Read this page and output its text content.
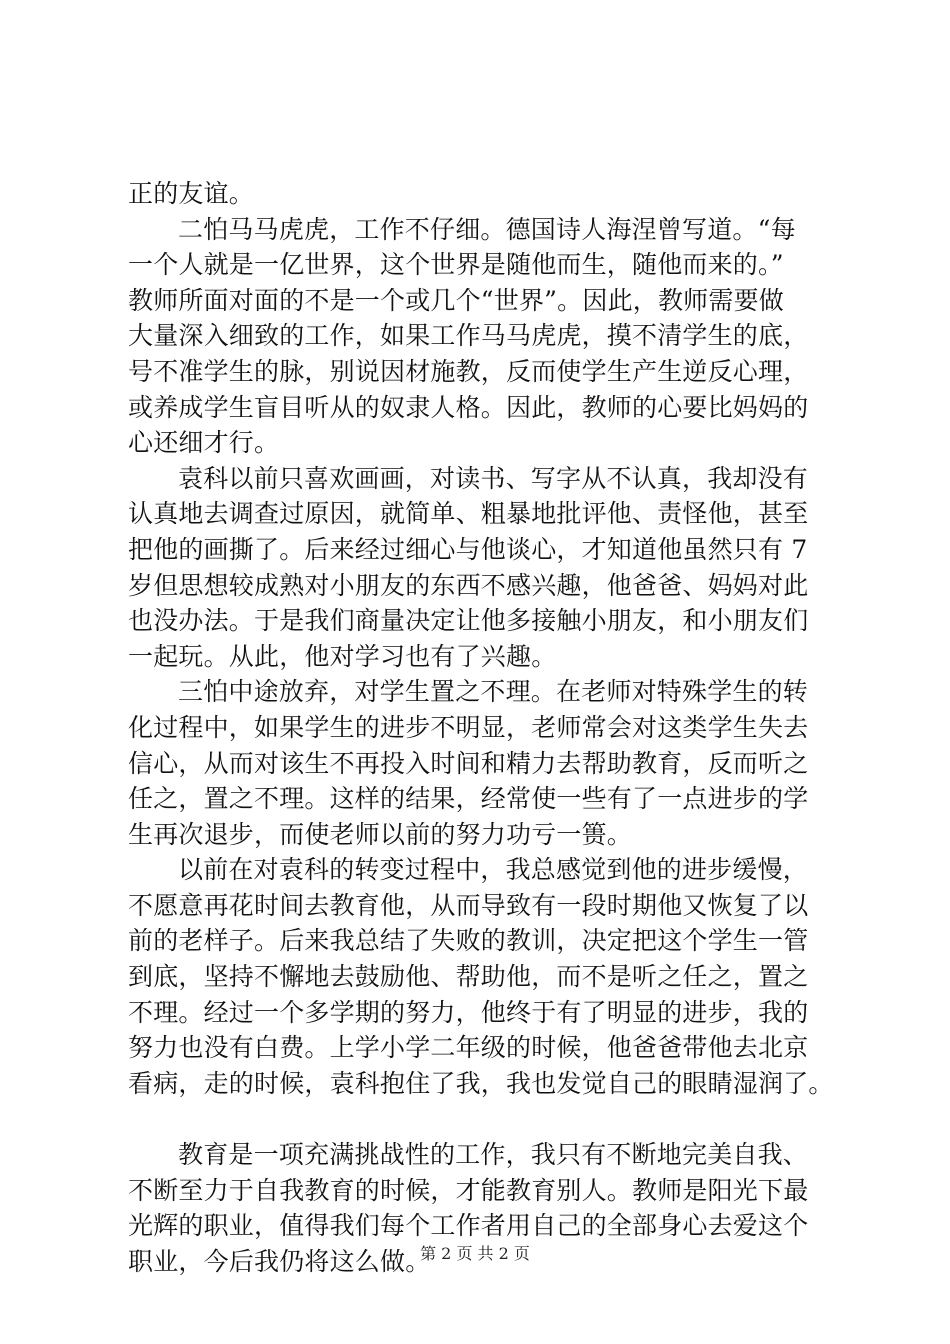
正的友谊。
二怕马马虎虎，工作不仔细。德国诗人海涅曾写道。“每
一个人就是一亿世界，这个世界是随他而生，随他而来的。”
教师所面对面的不是一个或几个“世界”。因此，教师需要做
大量深入细致的工作，如果工作马马虎虎，摸不清学生的底，
号不准学生的脉，别说因材施教，反而使学生产生逆反心理，
或养成学生盲目听从的奴隶人格。因此，教师的心要比妈妈的
心还细才行。
袁科以前只喜欢画画，对读书、写字从不认真，我却没有
认真地去调查过原因，就简单、粗暴地批评他、责怪他，甚至
把他的画撕了。后来经过细心与他谈心，才知道他虽然只有 7
岁但思想较成熟对小朋友的东西不感兴趣，他爸爸、妈妈对此
也没办法。于是我们商量决定让他多接触小朋友，和小朋友们
一起玩。从此，他对学习也有了兴趣。
三怕中途放弃，对学生置之不理。在老师对特殊学生的转
化过程中，如果学生的进步不明显，老师常会对这类学生失去
信心，从而对该生不再投入时间和精力去帮助教育，反而听之
任之，置之不理。这样的结果，经常使一些有了一点进步的学
生再次退步，而使老师以前的努力功亏一篑。
以前在对袁科的转变过程中，我总感觉到他的进步缓慢，
不愿意再花时间去教育他，从而导致有一段时期他又恢复了以
前的老样子。后来我总结了失败的教训，决定把这个学生一管
到底，坚持不懈地去鼓励他、帮助他，而不是听之任之，置之
不理。经过一个多学期的努力，他终于有了明显的进步，我的
努力也没有白费。上学小学二年级的时候，他爸爸带他去北京
看病，走的时候，袁科抱住了我，我也发觉自己的眼睛湿润了。
教育是一项充满挑战性的工作，我只有不断地完美自我、
不断至力于自我教育的时候，才能教育别人。教师是阳光下最
光辉的职业，值得我们每个工作者用自己的全部身心去爱这个
职业，今后我仍将这么做。
第 2 页 共 2 页
